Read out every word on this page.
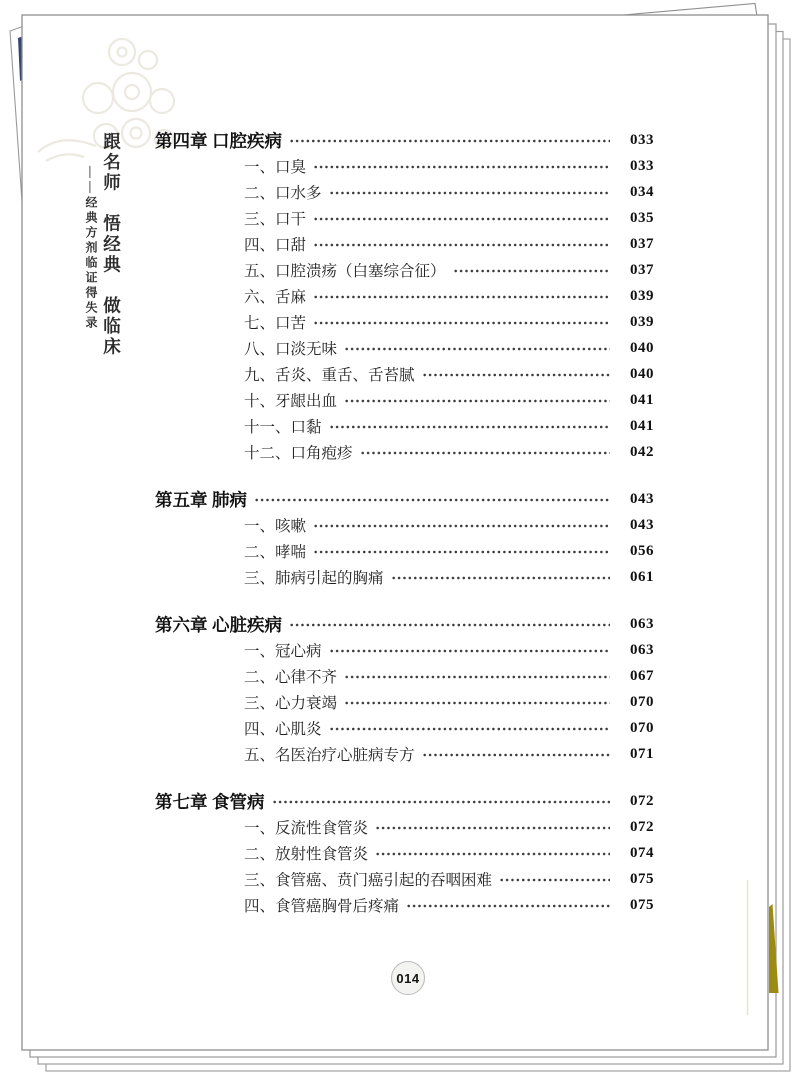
跟名师　悟经典　做临床
——经典方剂临证得失录
第四章 口腔疾病	033
一、口臭	033
二、口水多	034
三、口干	035
四、口甜	037
五、口腔溃疡（白塞综合征）	037
六、舌麻	039
七、口苦	039
八、口淡无味	040
九、舌炎、重舌、舌苔腻	040
十、牙龈出血	041
十一、口黏	041
十二、口角疱疹	042
第五章 肺病	043
一、咳嗽	043
二、哮喘	056
三、肺病引起的胸痛	061
第六章 心脏疾病	063
一、冠心病	063
二、心律不齐	067
三、心力衰竭	070
四、心肌炎	070
五、名医治疗心脏病专方	071
第七章 食管病	072
一、反流性食管炎	072
二、放射性食管炎	074
三、食管癌、贲门癌引起的吞咽困难	075
四、食管癌胸骨后疼痛	075
014
